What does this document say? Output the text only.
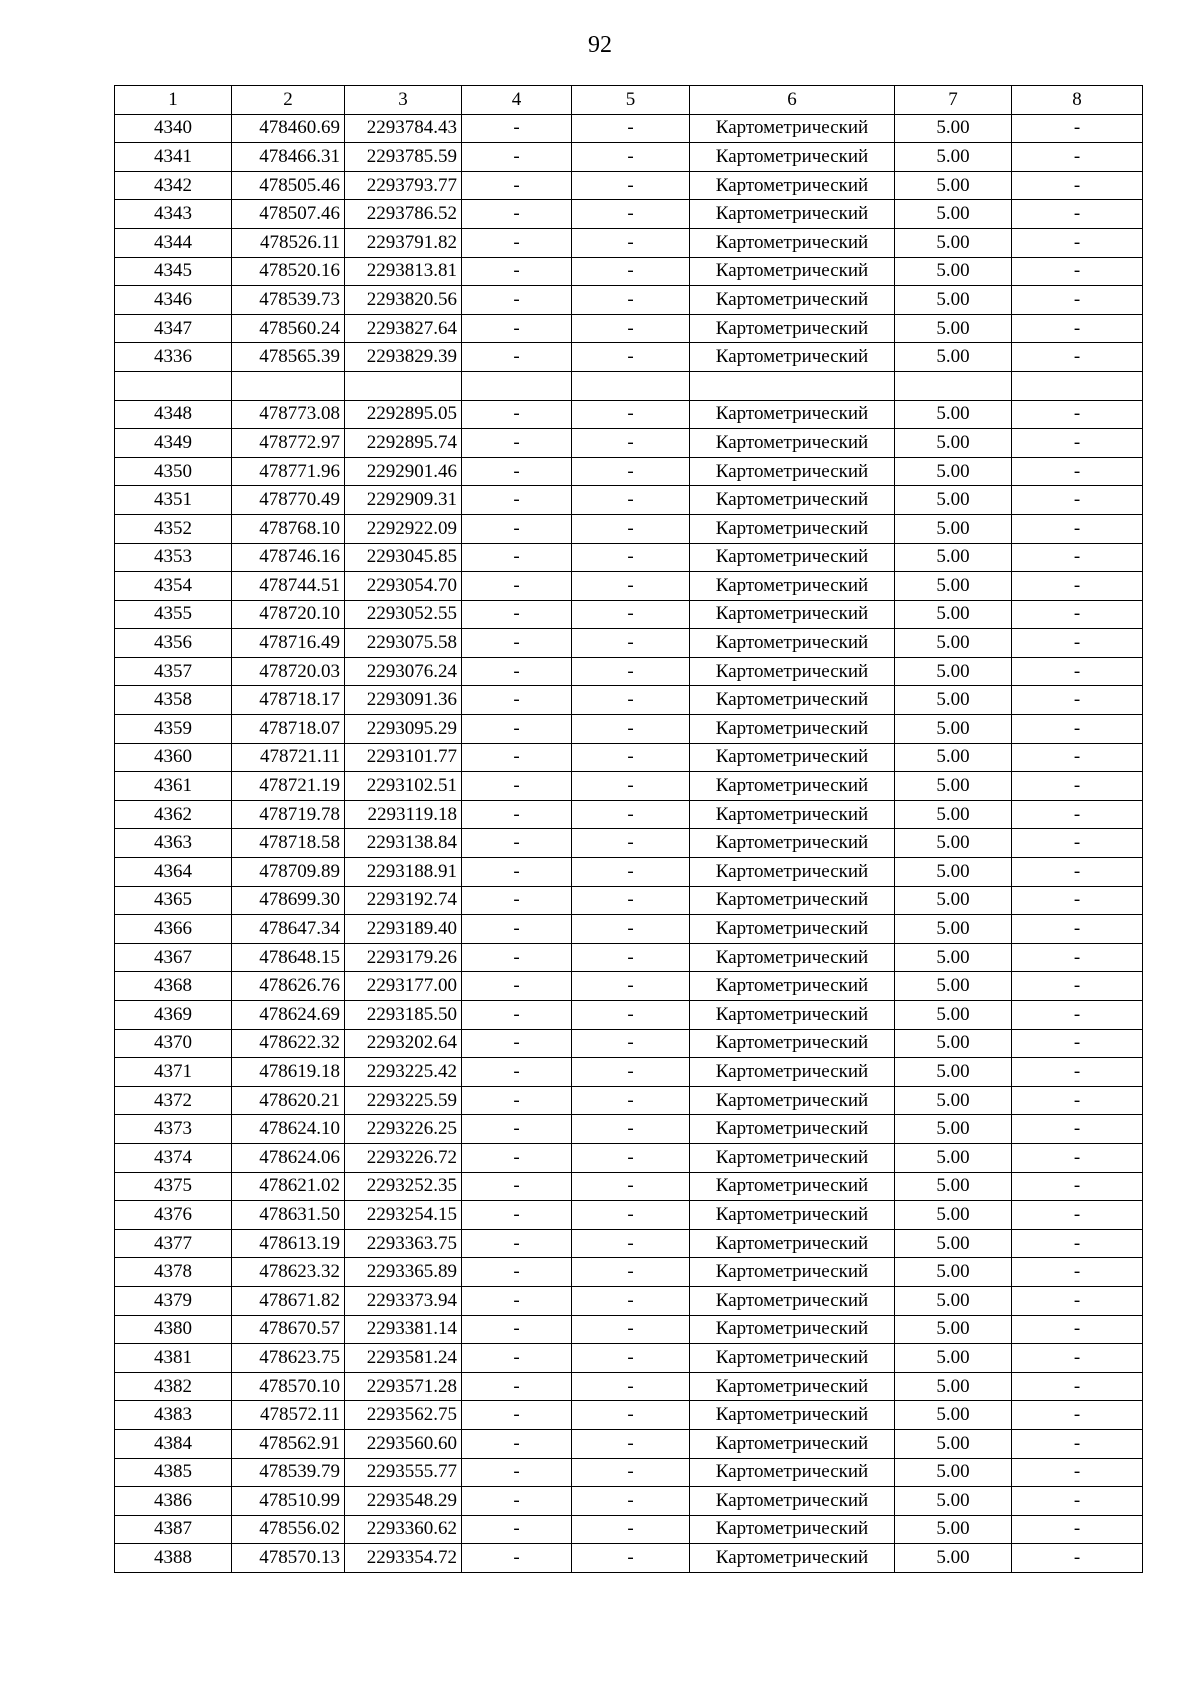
92
1	2	3	4	5	6	7	8
4340	478460.69	2293784.43	-	-	Картометрический	5.00	-
4341	478466.31	2293785.59	-	-	Картометрический	5.00	-
4342	478505.46	2293793.77	-	-	Картометрический	5.00	-
4343	478507.46	2293786.52	-	-	Картометрический	5.00	-
4344	478526.11	2293791.82	-	-	Картометрический	5.00	-
4345	478520.16	2293813.81	-	-	Картометрический	5.00	-
4346	478539.73	2293820.56	-	-	Картометрический	5.00	-
4347	478560.24	2293827.64	-	-	Картометрический	5.00	-
4336	478565.39	2293829.39	-	-	Картометрический	5.00	-

4348	478773.08	2292895.05	-	-	Картометрический	5.00	-
4349	478772.97	2292895.74	-	-	Картометрический	5.00	-
4350	478771.96	2292901.46	-	-	Картометрический	5.00	-
4351	478770.49	2292909.31	-	-	Картометрический	5.00	-
4352	478768.10	2292922.09	-	-	Картометрический	5.00	-
4353	478746.16	2293045.85	-	-	Картометрический	5.00	-
4354	478744.51	2293054.70	-	-	Картометрический	5.00	-
4355	478720.10	2293052.55	-	-	Картометрический	5.00	-
4356	478716.49	2293075.58	-	-	Картометрический	5.00	-
4357	478720.03	2293076.24	-	-	Картометрический	5.00	-
4358	478718.17	2293091.36	-	-	Картометрический	5.00	-
4359	478718.07	2293095.29	-	-	Картометрический	5.00	-
4360	478721.11	2293101.77	-	-	Картометрический	5.00	-
4361	478721.19	2293102.51	-	-	Картометрический	5.00	-
4362	478719.78	2293119.18	-	-	Картометрический	5.00	-
4363	478718.58	2293138.84	-	-	Картометрический	5.00	-
4364	478709.89	2293188.91	-	-	Картометрический	5.00	-
4365	478699.30	2293192.74	-	-	Картометрический	5.00	-
4366	478647.34	2293189.40	-	-	Картометрический	5.00	-
4367	478648.15	2293179.26	-	-	Картометрический	5.00	-
4368	478626.76	2293177.00	-	-	Картометрический	5.00	-
4369	478624.69	2293185.50	-	-	Картометрический	5.00	-
4370	478622.32	2293202.64	-	-	Картометрический	5.00	-
4371	478619.18	2293225.42	-	-	Картометрический	5.00	-
4372	478620.21	2293225.59	-	-	Картометрический	5.00	-
4373	478624.10	2293226.25	-	-	Картометрический	5.00	-
4374	478624.06	2293226.72	-	-	Картометрический	5.00	-
4375	478621.02	2293252.35	-	-	Картометрический	5.00	-
4376	478631.50	2293254.15	-	-	Картометрический	5.00	-
4377	478613.19	2293363.75	-	-	Картометрический	5.00	-
4378	478623.32	2293365.89	-	-	Картометрический	5.00	-
4379	478671.82	2293373.94	-	-	Картометрический	5.00	-
4380	478670.57	2293381.14	-	-	Картометрический	5.00	-
4381	478623.75	2293581.24	-	-	Картометрический	5.00	-
4382	478570.10	2293571.28	-	-	Картометрический	5.00	-
4383	478572.11	2293562.75	-	-	Картометрический	5.00	-
4384	478562.91	2293560.60	-	-	Картометрический	5.00	-
4385	478539.79	2293555.77	-	-	Картометрический	5.00	-
4386	478510.99	2293548.29	-	-	Картометрический	5.00	-
4387	478556.02	2293360.62	-	-	Картометрический	5.00	-
4388	478570.13	2293354.72	-	-	Картометрический	5.00	-
